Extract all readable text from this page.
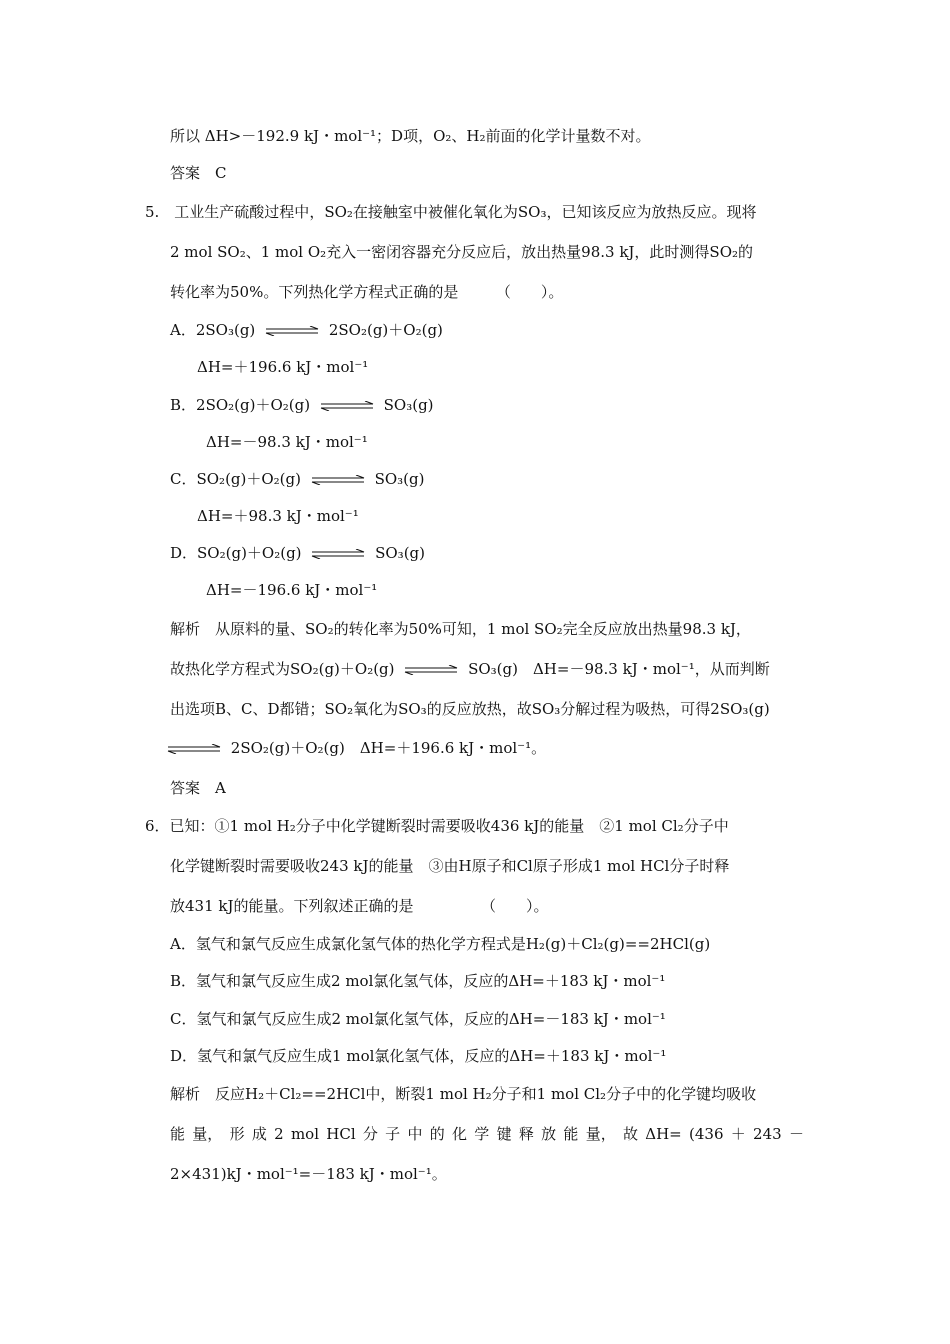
所以 ΔH>－192.9 kJ・mol⁻¹；D项，O₂、H₂前面的化学计量数不对。
答案　C
5.　工业生产硫酸过程中，SO₂在接触室中被催化氧化为SO₃，已知该反应为放热反应。现将
2 mol SO₂、1 mol O₂充入一密闭容器充分反应后，放出热量98.3 kJ，此时测得SO₂的
转化率为50%。下列热化学方程式正确的是　　　（　　）。
A．2SO₃(g)	2SO₂(g)＋O₂(g)
ΔH=＋196.6 kJ・mol⁻¹
B．2SO₂(g)＋O₂(g)	SO₃(g)
ΔH=－98.3 kJ・mol⁻¹
C．SO₂(g)＋O₂(g)	SO₃(g)
ΔH=＋98.3 kJ・mol⁻¹
D．SO₂(g)＋O₂(g)	SO₃(g)
ΔH=－196.6 kJ・mol⁻¹
解析　从原料的量、SO₂的转化率为50%可知，1 mol SO₂完全反应放出热量98.3 kJ，
故热化学方程式为SO₂(g)＋O₂(g)	SO₃(g)　ΔH=－98.3 kJ・mol⁻¹，从而判断
出选项B、C、D都错；SO₂氧化为SO₃的反应放热，故SO₃分解过程为吸热，可得2SO₃(g)
2SO₂(g)＋O₂(g)　ΔH=＋196.6 kJ・mol⁻¹。
答案　A
6．已知：①1 mol H₂分子中化学键断裂时需要吸收436 kJ的能量　②1 mol Cl₂分子中
化学键断裂时需要吸收243 kJ的能量　③由H原子和Cl原子形成1 mol HCl分子时释
放431 kJ的能量。下列叙述正确的是　　　　　（　　）。
A．氢气和氯气反应生成氯化氢气体的热化学方程式是H₂(g)＋Cl₂(g)==2HCl(g)
B．氢气和氯气反应生成2 mol氯化氢气体，反应的ΔH=＋183 kJ・mol⁻¹
C．氢气和氯气反应生成2 mol氯化氢气体，反应的ΔH=－183 kJ・mol⁻¹
D．氢气和氯气反应生成1 mol氯化氢气体，反应的ΔH=＋183 kJ・mol⁻¹
解析　反应H₂＋Cl₂==2HCl中，断裂1 mol H₂分子和1 mol Cl₂分子中的化学键均吸收
能 量， 形 成 2 mol HCl 分 子 中 的 化 学 键 释 放 能 量， 故 ΔH= (436 ＋ 243 －
2×431)kJ・mol⁻¹=－183 kJ・mol⁻¹。
